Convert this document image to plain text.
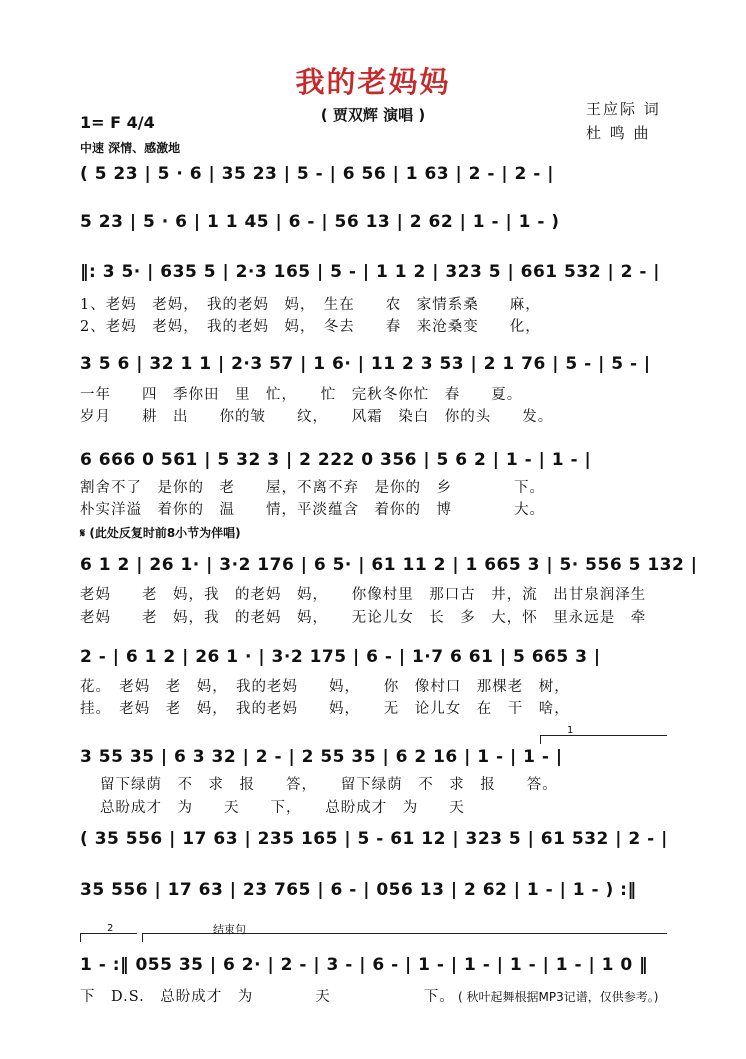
我的老妈妈
( 贾双辉 演唱 )	王应际 词
杜 鸣 曲
1= F 4/4
中速 深情、感激地
( 5 23 | 5 · 6 | 35 23 | 5 - | 6 56 | 1 63 | 2 - | 2 - |
5 23 | 5 · 6 | 1 1 45 | 6 - | 56 13 | 2 62 | 1 - | 1 - )
‖: 3 5· | 635 5 | 2·3 165 | 5 - | 1 1 2 | 323 5 | 661 532 | 2 - |
1、老妈　老妈，　我的老妈　妈，　生在　　农　家情系桑　　麻，
2、老妈　老妈，　我的老妈　妈，　冬去　　春　来沧桑变　　化，
3 5 6 | 32 1 1 | 2·3 57 | 1 6· | 11 2 3 53 | 2 1 76 | 5 - | 5 - |
一年　　四　季你田　里　忙，　　忙　完秋冬你忙　春　　夏。
岁月　　耕　出　　你的皱　　纹，　　风霜　染白　你的头　　发。
6 666 0 561 | 5 32 3 | 2 222 0 356 | 5 6 2 | 1 - | 1 - |
割舍不了　是你的　老　　屋，不离不弃　是你的　乡　　　　下。
朴实洋溢　着你的　温　　情，平淡蕴含　着你的　博　　　　大。
𝄋 (此处反复时前8小节为伴唱)
6 1 2 | 26 1· | 3·2 176 | 6 5· | 61 11 2 | 1 665 3 | 5· 556 5 132 |
老妈　　老　妈，我　的老妈　妈，　　你像村里　那口古　井，流　出甘泉润泽生
老妈　　老　妈，我　的老妈　妈，　　无论儿女　长　多　大，怀　里永远是　牵
2 - | 6 1 2 | 26 1 · | 3·2 175 | 6 - | 1·7 6 61 | 5 665 3 |
花。　老妈　老　妈，　我的老妈　　妈，　　你　像村口　那棵老　树，
挂。　老妈　老　妈，　我的老妈　　妈，　　无　论儿女　在　干　啥，
1
3 55 35 | 6 3 32 | 2 - | 2 55 35 | 6 2 16 | 1 - | 1 - |
留下绿荫　不　求　报　　答，　　留下绿荫　不　求　报　　答。
总盼成才　为　　天　　下，　　总盼成才　为　　天
( 35 556 | 17 63 | 235 165 | 5 - 61 12 | 323 5 | 61 532 | 2 - |
35 556 | 17 63 | 23 765 | 6 - | 056 13 | 2 62 | 1 - | 1 - ) :‖
2	结束句
1 - :‖ 055 35 | 6 2· | 2 - | 3 - | 6 - | 1 - | 1 - | 1 - | 1 - | 1 0 ‖
下　D.S.　总盼成才　为　　　　天　　　　　　下。 ( 秋叶起舞根据MP3记谱，仅供参考。)
